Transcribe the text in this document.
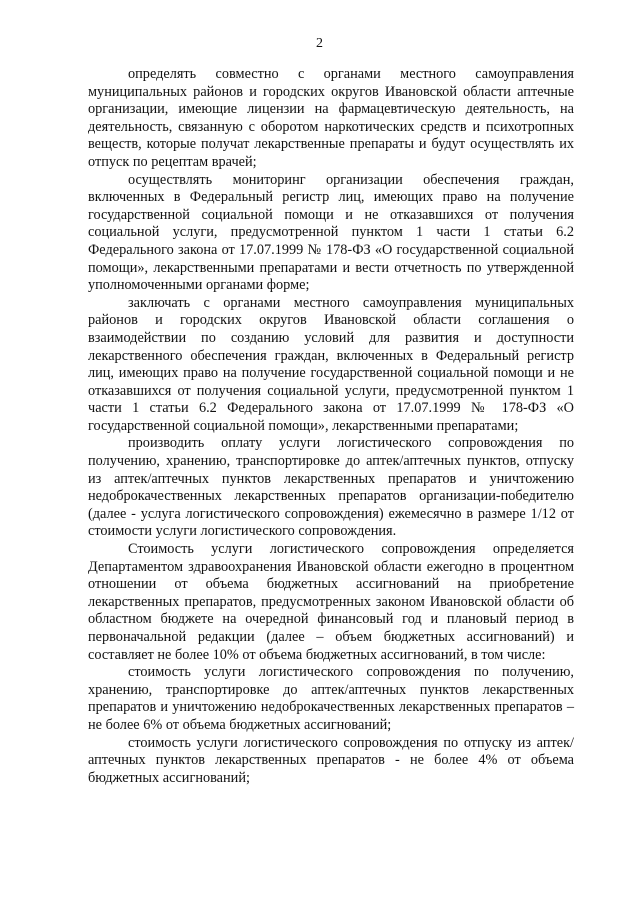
2

определять совместно с органами местного самоуправления муниципальных районов и городских округов Ивановской области аптечные организации, имеющие лицензии на фармацевтическую деятельность, на деятельность, связанную с оборотом наркотических средств и психотропных веществ, которые получат лекарственные препараты и будут осуществлять их отпуск по рецептам врачей;

осуществлять мониторинг организации обеспечения граждан, включенных в Федеральный регистр лиц, имеющих право на получение государственной социальной помощи и не отказавшихся от получения социальной услуги, предусмотренной пунктом 1 части 1 статьи 6.2 Федерального закона от 17.07.1999 № 178-ФЗ «О государственной социальной помощи», лекарственными препаратами и вести отчетность по утвержденной уполномоченными органами форме;

заключать с органами местного самоуправления муниципальных районов и городских округов Ивановской области соглашения о взаимодействии по созданию условий для развития и доступности лекарственного обеспечения граждан, включенных в Федеральный регистр лиц, имеющих право на получение государственной социальной помощи и не отказавшихся от получения социальной услуги, предусмотренной пунктом 1 части 1 статьи 6.2 Федерального закона от 17.07.1999 № 178-ФЗ «О государственной социальной помощи», лекарственными препаратами;

производить оплату услуги логистического сопровождения по получению, хранению, транспортировке до аптек/аптечных пунктов, отпуску из аптек/аптечных пунктов лекарственных препаратов и уничтожению недоброкачественных лекарственных препаратов организации-победителю (далее - услуга логистического сопровождения) ежемесячно в размере 1/12 от стоимости услуги логистического сопровождения.

Стоимость услуги логистического сопровождения определяется Департаментом здравоохранения Ивановской области ежегодно в процентном отношении от объема бюджетных ассигнований на приобретение лекарственных препаратов, предусмотренных законом Ивановской области об областном бюджете на очередной финансовый год и плановый период в первоначальной редакции (далее – объем бюджетных ассигнований) и составляет не более 10% от объема бюджетных ассигнований, в том числе:

стоимость услуги логистического сопровождения по получению, хранению, транспортировке до аптек/аптечных пунктов лекарственных препаратов и уничтожению недоброкачественных лекарственных препаратов – не более 6% от объема бюджетных ассигнований;

стоимость услуги логистического сопровождения по отпуску из аптек/аптечных пунктов лекарственных препаратов - не более 4% от объема бюджетных ассигнований;
